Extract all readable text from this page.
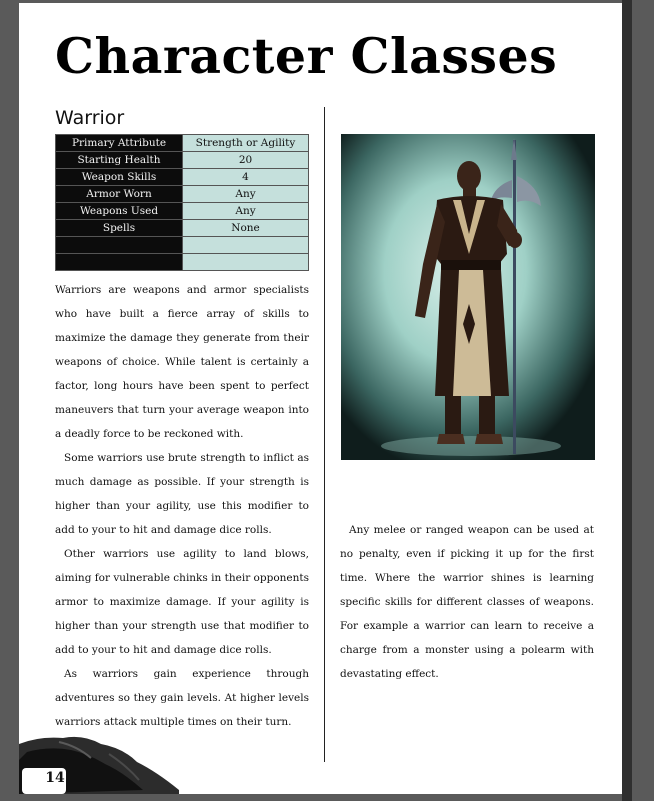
Character Classes
Warrior
Primary Attribute	Strength or Agility
Starting Health	20
Weapon Skills	4
Armor Worn	Any
Weapons Used	Any
Spells	None

Warriors are weapons and armor specialists who have built a fierce array of skills to maximize the damage they generate from their weapons of choice. While talent is certainly a factor, long hours have been spent to perfect maneuvers that turn your average weapon into a deadly force to be reckoned with.

Some warriors use brute strength to inflict as much damage as possible. If your strength is higher than your agility, use this modifier to add to your to hit and damage dice rolls.

Other warriors use agility to land blows, aiming for vulnerable chinks in their opponents armor to maximize damage. If your agility is higher than your strength use that modifier to add to your to hit and damage dice rolls.

As warriors gain experience through adventures so they gain levels. At higher levels warriors attack multiple times on their turn.

Any melee or ranged weapon can be used at no penalty, even if picking it up for the first time. Where the warrior shines is learning specific skills for different classes of weapons. For example a warrior can learn to receive a charge from a monster using a polearm with devastating effect.

14
